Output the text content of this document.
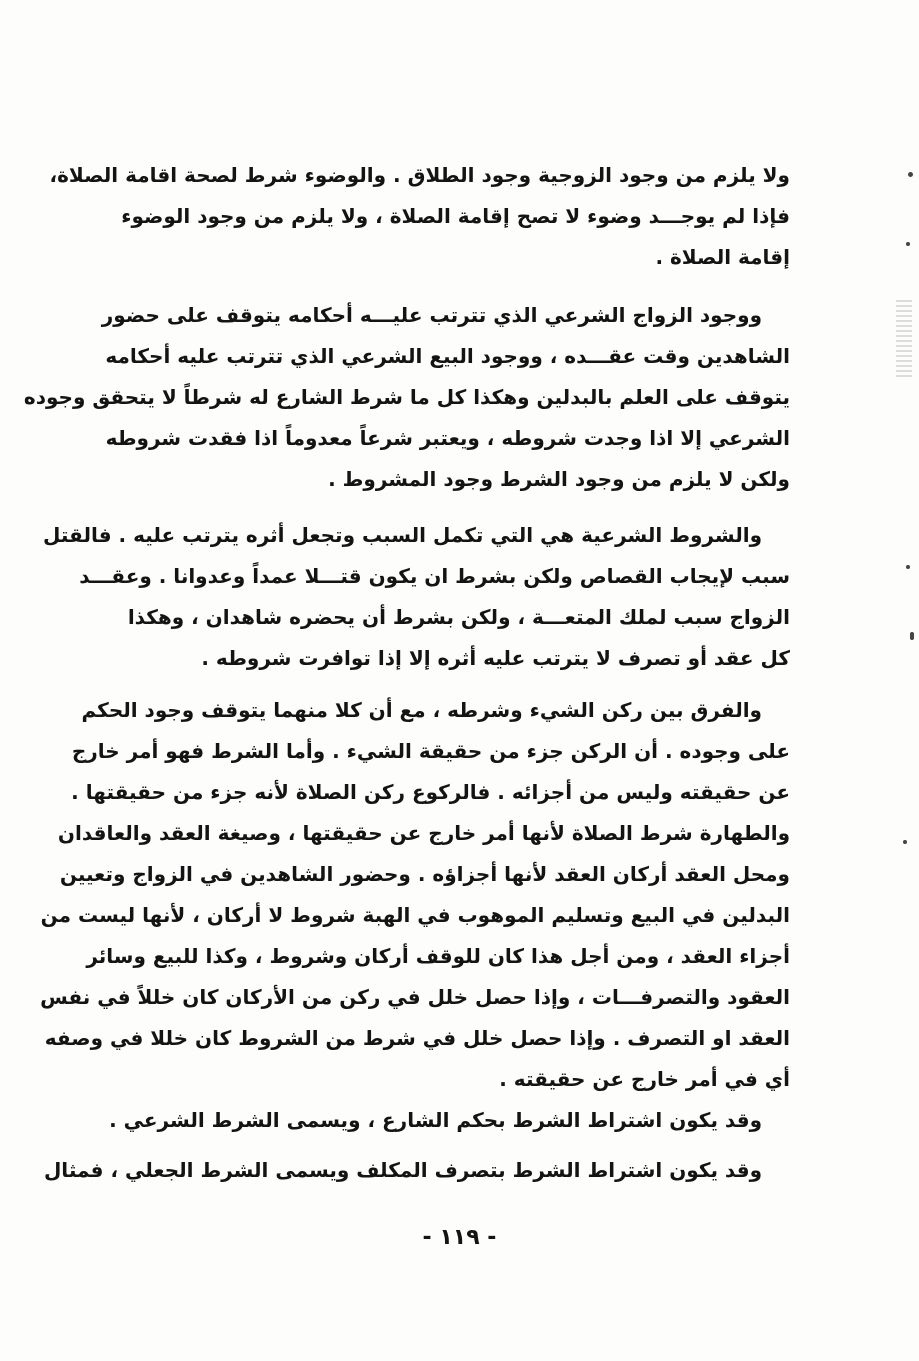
ولا يلزم من وجود الزوجية وجود الطلاق . والوضوء شرط لصحة اقامة الصلاة،
فإذا لم يوجـــد وضوء لا تصح إقامة الصلاة ، ولا يلزم من وجود الوضوء
إقامة الصلاة .
ووجود الزواج الشرعي الذي تترتب عليـــه أحكامه يتوقف على حضور
الشاهدين وقت عقـــده ، ووجود البيع الشرعي الذي تترتب عليه أحكامه
يتوقف على العلم بالبدلين وهكذا كل ما شرط الشارع له شرطاً لا يتحقق وجوده
الشرعي إلا اذا وجدت شروطه ، ويعتبر شرعاً معدوماً اذا فقدت شروطه
ولكن لا يلزم من وجود الشرط وجود المشروط .
والشروط الشرعية هي التي تكمل السبب وتجعل أثره يترتب عليه . فالقتل
سبب لإيجاب القصاص ولكن بشرط ان يكون قتـــلا عمداً وعدوانا . وعقـــد
الزواج سبب لملك المتعـــة ، ولكن بشرط أن يحضره شاهدان ، وهكذا
كل عقد أو تصرف لا يترتب عليه أثره إلا إذا توافرت شروطه .
والفرق بين ركن الشيء وشرطه ، مع أن كلا منهما يتوقف وجود الحكم
على وجوده . أن الركن جزء من حقيقة الشيء . وأما الشرط فهو أمر خارج
عن حقيقته وليس من أجزائه . فالركوع ركن الصلاة لأنه جزء من حقيقتها .
والطهارة شرط الصلاة لأنها أمر خارج عن حقيقتها ، وصيغة العقد والعاقدان
ومحل العقد أركان العقد لأنها أجزاؤه . وحضور الشاهدين في الزواج وتعيين
البدلين في البيع وتسليم الموهوب في الهبة شروط لا أركان ، لأنها ليست من
أجزاء العقد ، ومن أجل هذا كان للوقف أركان وشروط ، وكذا للبيع وسائر
العقود والتصرفـــات ، وإذا حصل خلل في ركن من الأركان كان خللاً في نفس
العقد او التصرف . وإذا حصل خلل في شرط من الشروط كان خللا في وصفه
أي في أمر خارج عن حقيقته .
وقد يكون اشتراط الشرط بحكم الشارع ، ويسمى الشرط الشرعي .
وقد يكون اشتراط الشرط بتصرف المكلف ويسمى الشرط الجعلي ، فمثال
- ١١٩ -
